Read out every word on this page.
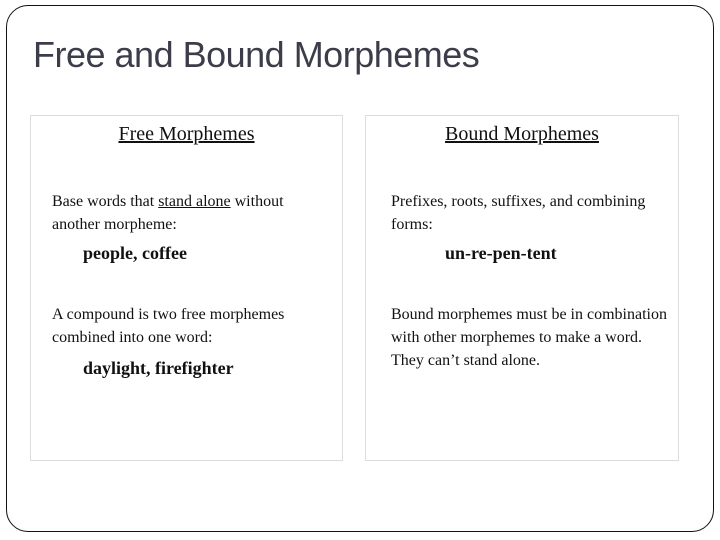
Free and Bound Morphemes
Free Morphemes
Base words that stand alone without another morpheme:
people, coffee
A compound is two free morphemes combined into one word:
daylight, firefighter
Bound Morphemes
Prefixes, roots, suffixes, and combining forms:
un-re-pen-tent
Bound morphemes must be in combination with other morphemes to make a word. They can’t stand alone.
